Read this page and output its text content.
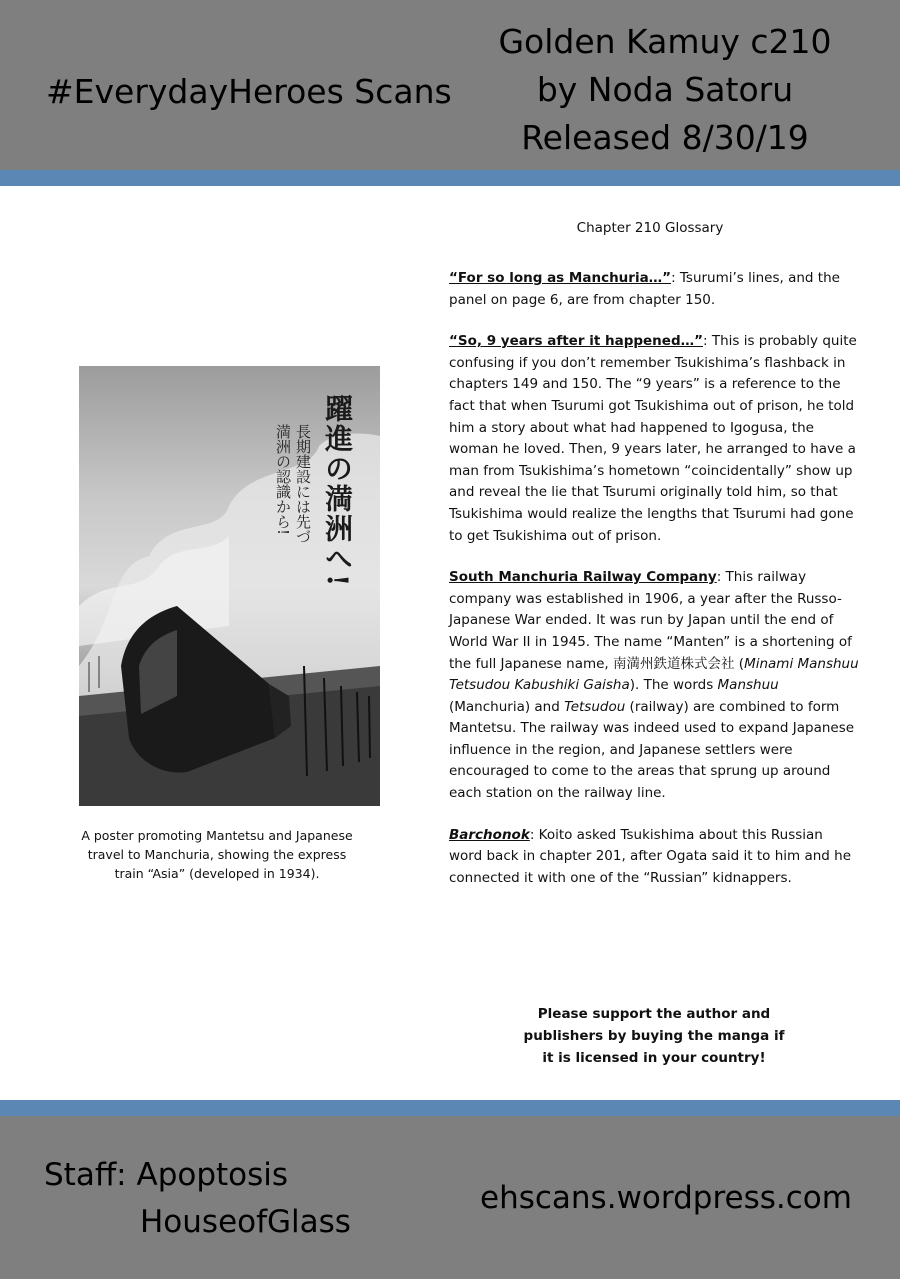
#EverydayHeroes Scans
Golden Kamuy c210
by Noda Satoru
Released 8/30/19
躍進の満洲へ!
長期建設には先づ
満洲の認識から!
A poster promoting Mantetsu and Japanese travel to Manchuria, showing the express train “Asia” (developed in 1934).
Chapter 210 Glossary

“For so long as Manchuria…”: Tsurumi’s lines, and the panel on page 6, are from chapter 150.

“So, 9 years after it happened…”: This is probably quite confusing if you don’t remember Tsukishima’s flashback in chapters 149 and 150. The “9 years” is a reference to the fact that when Tsurumi got Tsukishima out of prison, he told him a story about what had happened to Igogusa, the woman he loved. Then, 9 years later, he arranged to have a man from Tsukishima’s hometown “coincidentally” show up and reveal the lie that Tsurumi originally told him, so that Tsukishima would realize the lengths that Tsurumi had gone to get Tsukishima out of prison.

South Manchuria Railway Company: This railway company was established in 1906, a year after the Russo-Japanese War ended. It was run by Japan until the end of World War II in 1945. The name “Manten” is a shortening of the full Japanese name, 南満州鉄道株式会社 (Minami Manshuu Tetsudou Kabushiki Gaisha). The words Manshuu (Manchuria) and Tetsudou (railway) are combined to form Mantetsu. The railway was indeed used to expand Japanese influence in the region, and Japanese settlers were encouraged to come to the areas that sprung up around each station on the railway line.

Barchonok: Koito asked Tsukishima about this Russian word back in chapter 201, after Ogata said it to him and he connected it with one of the “Russian” kidnappers.

Please support the author and
publishers by buying the manga if
it is licensed in your country!
Staff: Apoptosis
HouseofGlass
ehscans.wordpress.com
